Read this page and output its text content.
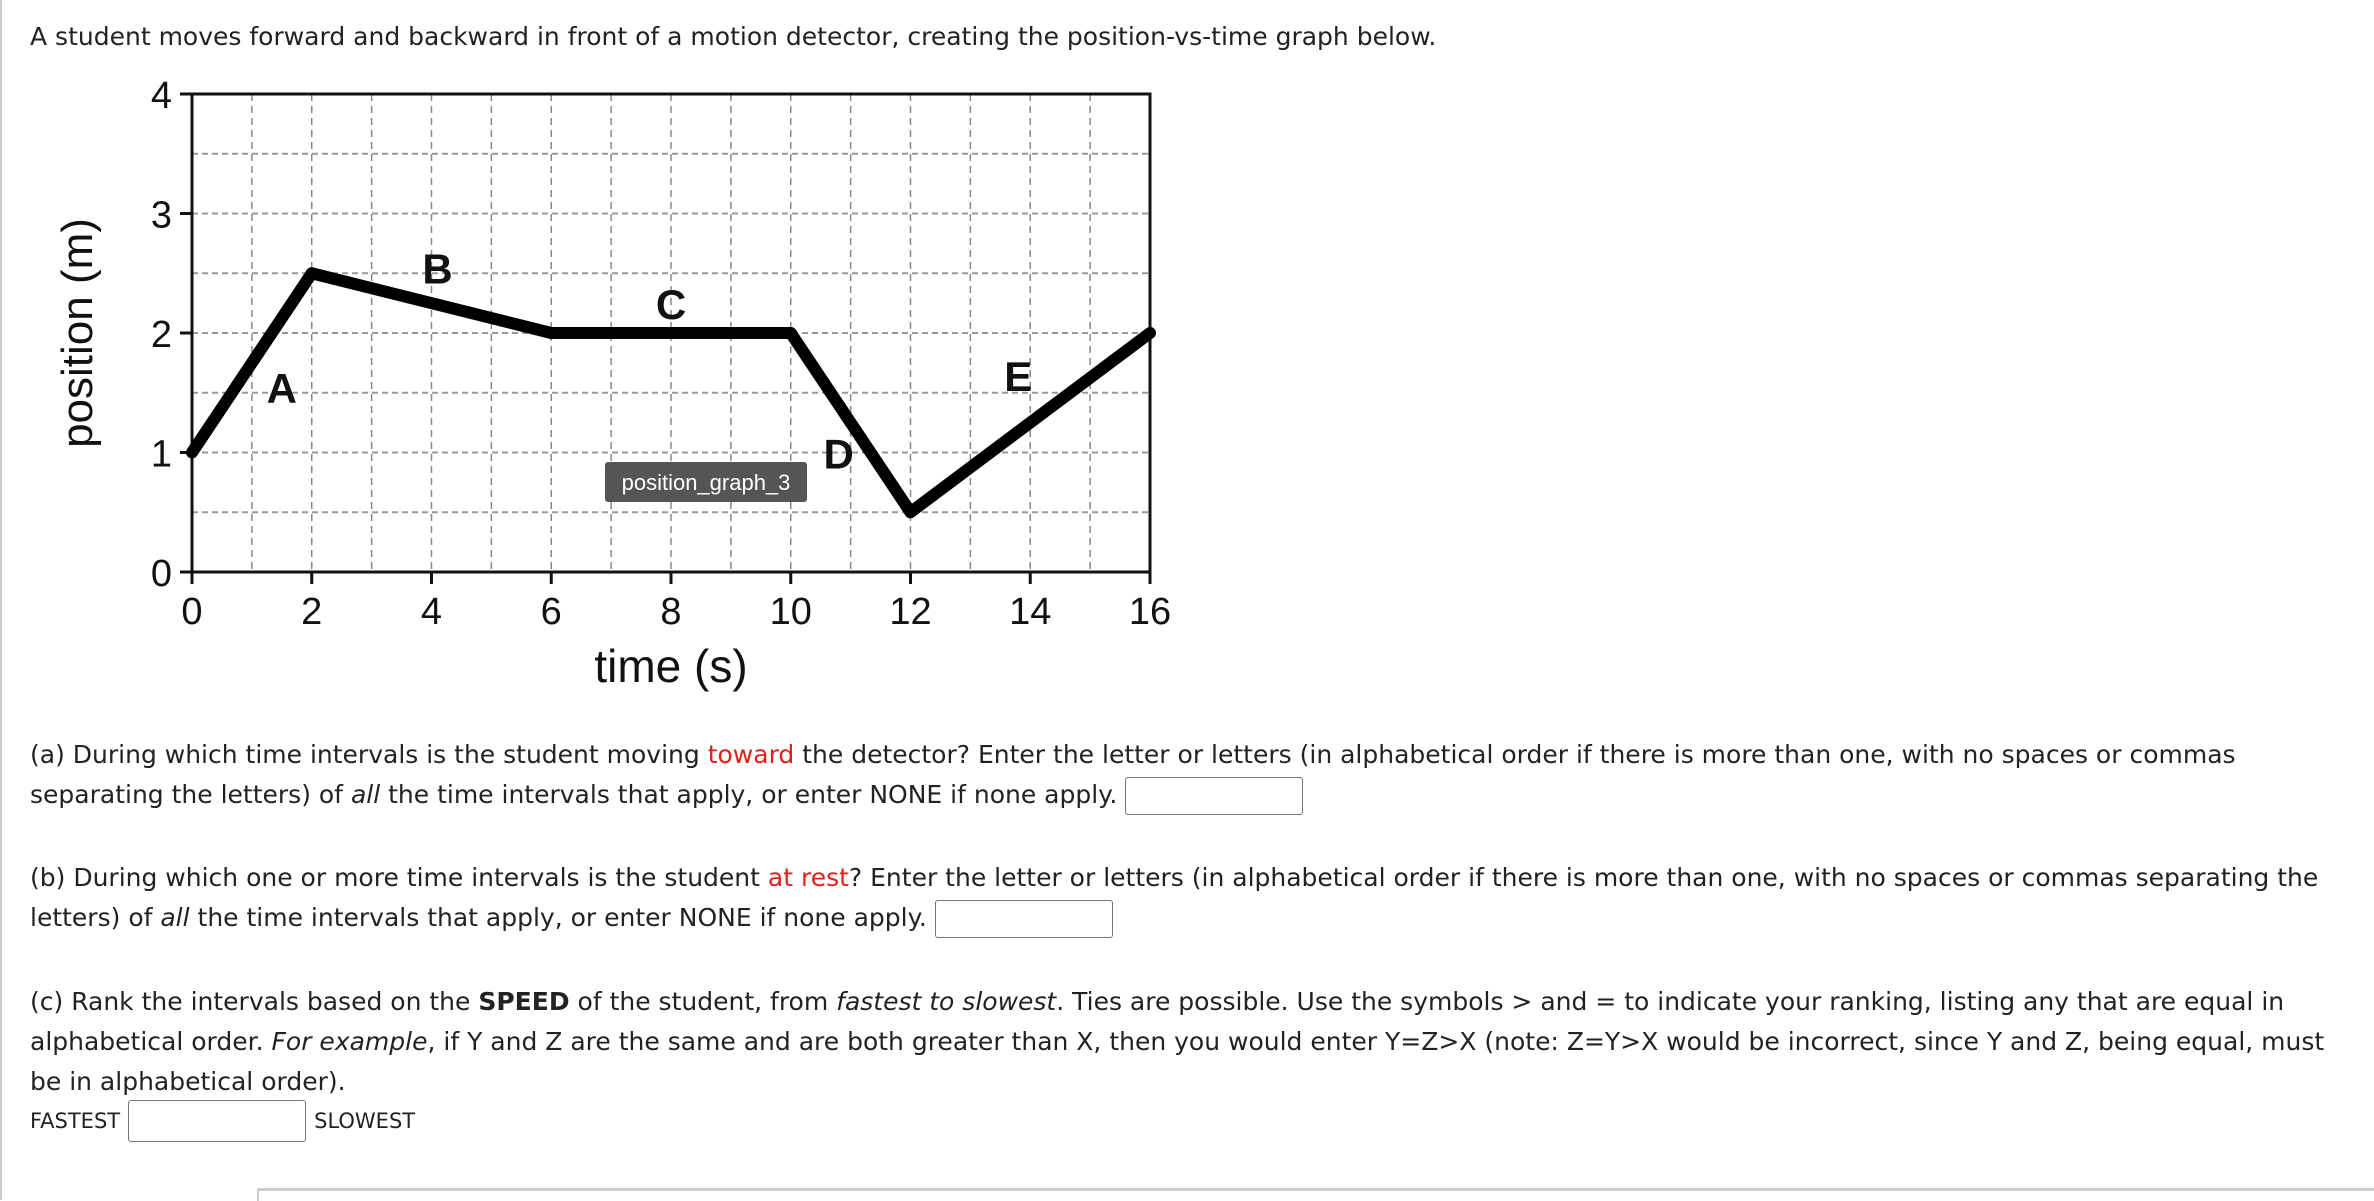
A student moves forward and backward in front of a motion detector, creating the position-vs-time graph below.
0	2	4	6	8 10 12 14 16
0
1
2
3
4
time (s)
position (m)	A
B
C
D
E
position_graph_3
(a) During which time intervals is the student moving toward the detector? Enter the letter or letters (in alphabetical order if there is more than one, with no spaces or commas separating the letters) of all the time intervals that apply, or enter NONE if none apply.
(b) During which one or more time intervals is the student at rest? Enter the letter or letters (in alphabetical order if there is more than one, with no spaces or commas separating the letters) of all the time intervals that apply, or enter NONE if none apply.
(c) Rank the intervals based on the SPEED of the student, from fastest to slowest. Ties are possible. Use the symbols > and = to indicate your ranking, listing any that are equal in alphabetical order. For example, if Y and Z are the same and are both greater than X, then you would enter Y=Z>X (note: Z=Y>X would be incorrect, since Y and Z, being equal, must be in alphabetical order).
FASTEST	SLOWEST
